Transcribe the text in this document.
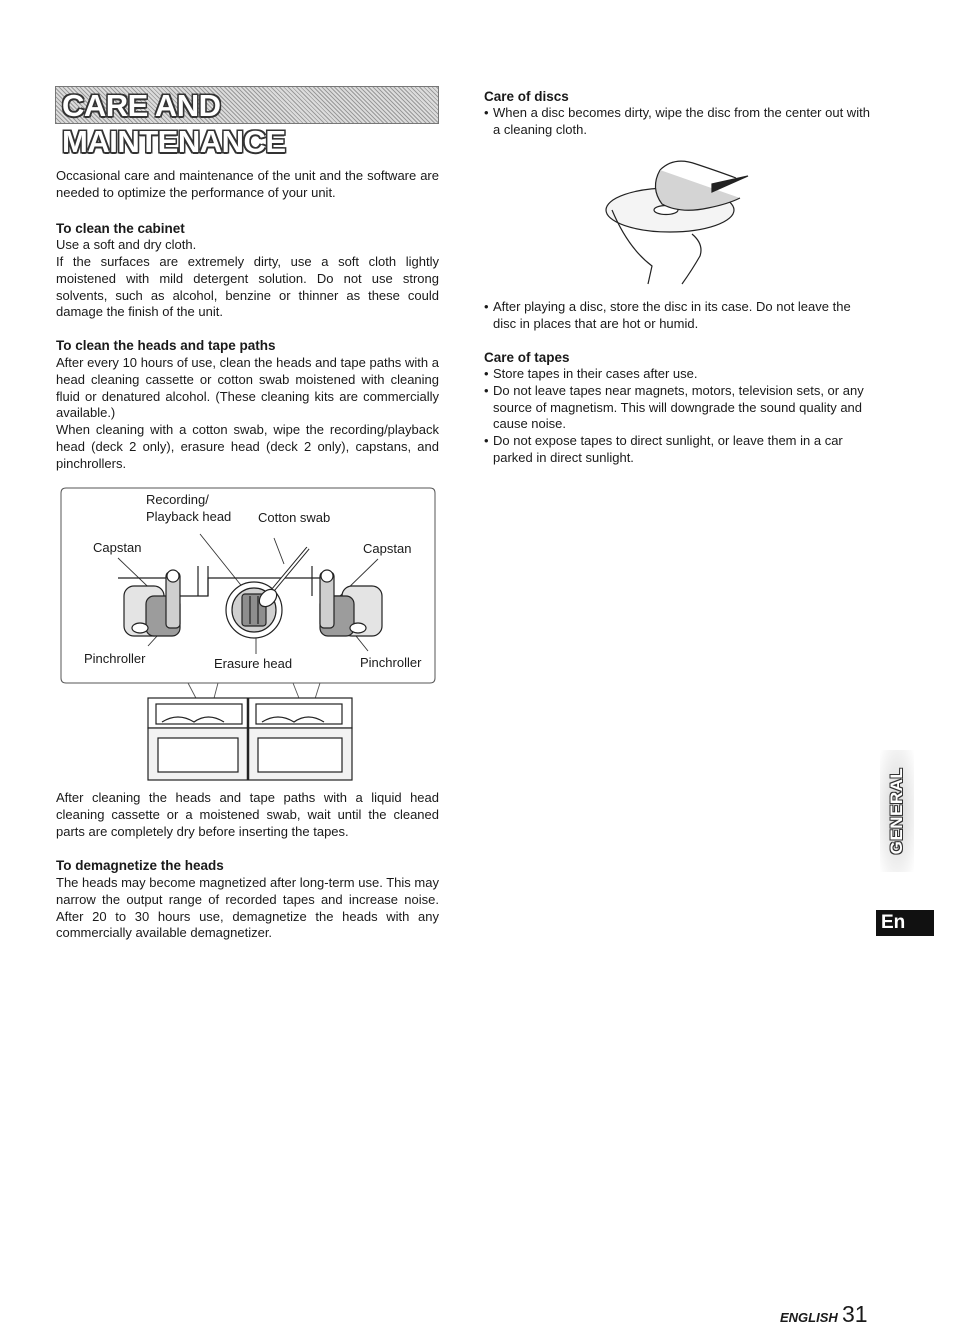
CARE AND MAINTENANCE

Occasional care and maintenance of the unit and the software are needed to optimize the performance of your unit.

To clean the cabinet

Use a soft and dry cloth.

If the surfaces are extremely dirty, use a soft cloth lightly moistened with mild detergent solution. Do not use strong solvents, such as alcohol, benzine or thinner as these could damage the finish of the unit.

To clean the heads and tape paths

After every 10 hours of use, clean the heads and tape paths with a head cleaning cassette or cotton swab moistened with cleaning fluid or denatured alcohol. (These cleaning kits are commercially available.)

When cleaning with a cotton swab, wipe the recording/playback head (deck 2 only), erasure head (deck 2 only), capstans, and pinchrollers.

Recording/
Playback head Cotton swab
Capstan	Capstan
Pinchroller	Erasure head	Pinchroller

After cleaning the heads and tape paths with a liquid head cleaning cassette or a moistened swab, wait until the cleaned parts are completely dry before inserting the tapes.

To demagnetize the heads

The heads may become magnetized after long-term use. This may narrow the output range of recorded tapes and increase noise. After 20 to 30 hours use, demagnetize the heads with any commercially available demagnetizer.

Care of discs
• When a disc becomes dirty, wipe the disc from the center out with a cleaning cloth.
• After playing a disc, store the disc in its case. Do not leave the disc in places that are hot or humid.
Care of tapes
• Store tapes in their cases after use.
• Do not leave tapes near magnets, motors, television sets, or any source of magnetism. This will downgrade the sound quality and cause noise.
• Do not expose tapes to direct sunlight, or leave them in a car parked in direct sunlight.
GENERAL
En
ENGLISH 31
